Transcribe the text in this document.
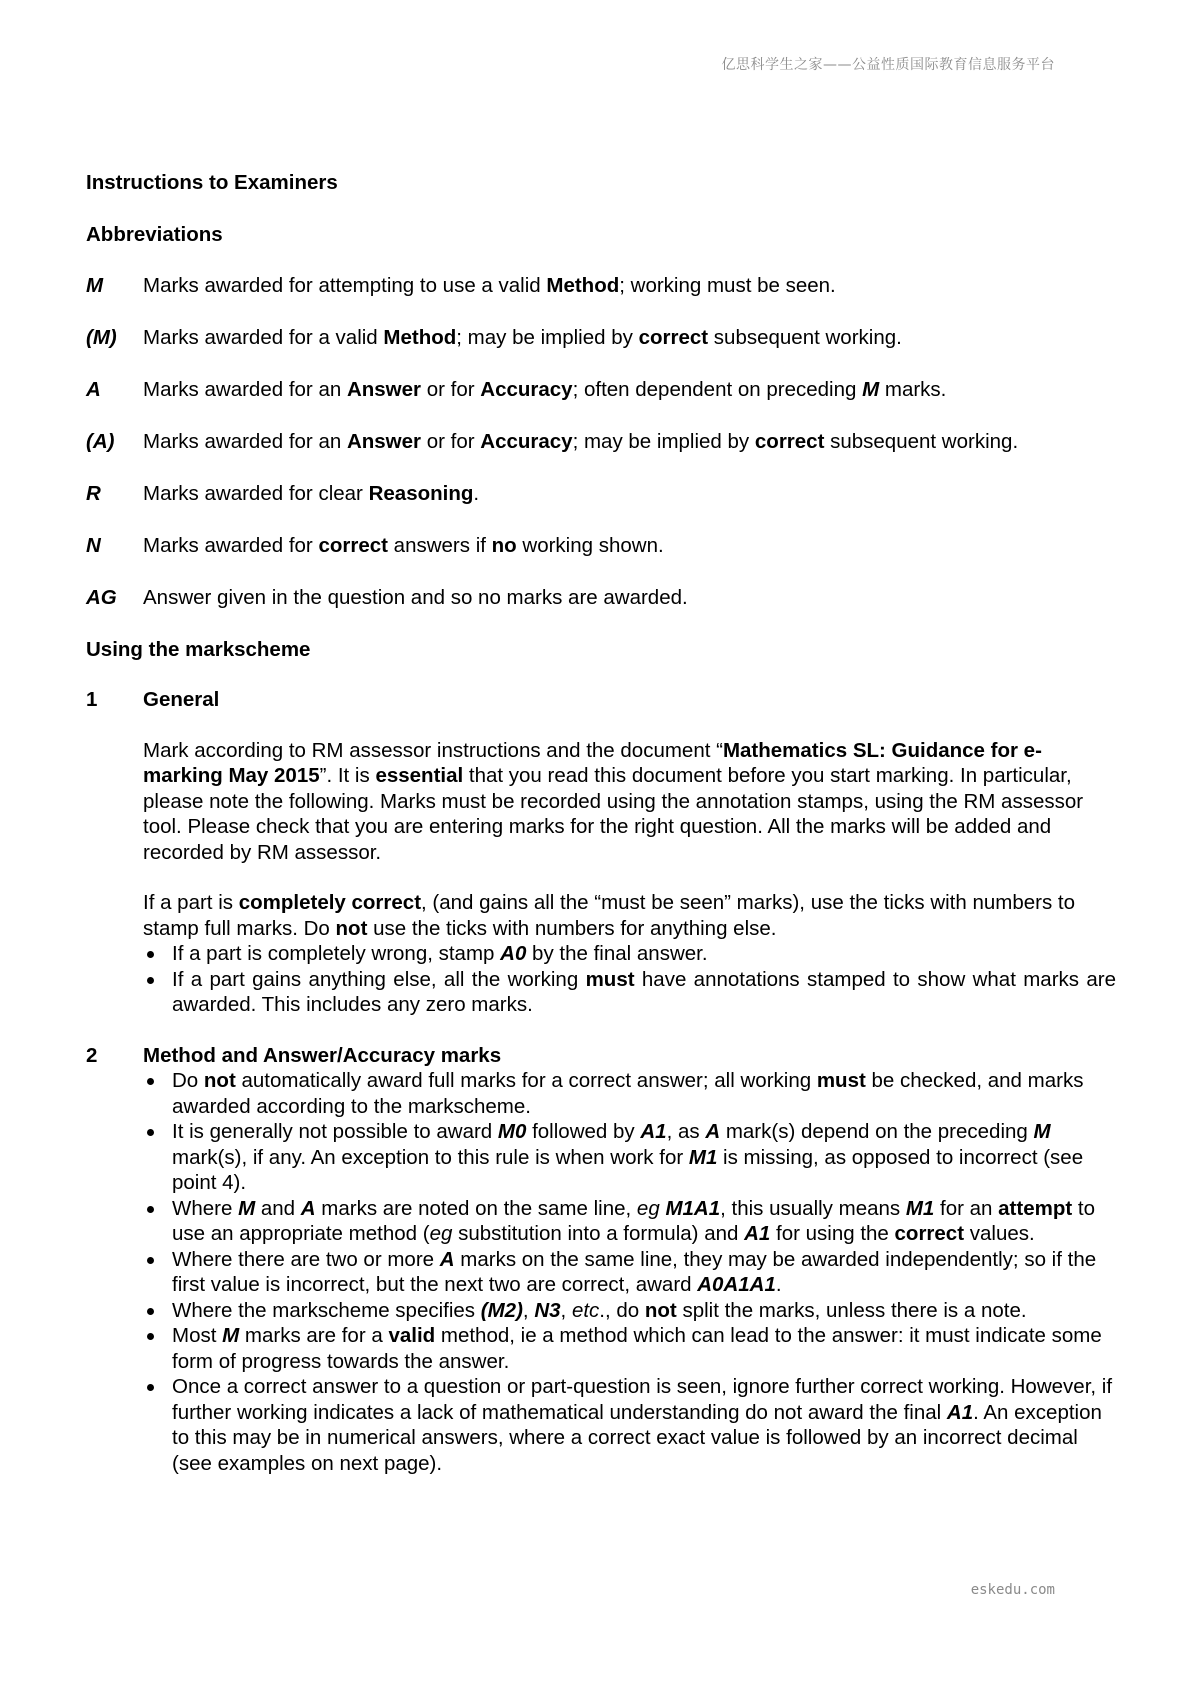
亿思科学生之家——公益性质国际教育信息服务平台

Instructions to Examiners

Abbreviations

M	Marks awarded for attempting to use a valid Method; working must be seen.
(M)	Marks awarded for a valid Method; may be implied by correct subsequent working.
A	Marks awarded for an Answer or for Accuracy; often dependent on preceding M marks.
(A)	Marks awarded for an Answer or for Accuracy; may be implied by correct subsequent working.
R	Marks awarded for clear Reasoning.
N	Marks awarded for correct answers if no working shown.
AG	Answer given in the question and so no marks are awarded.

Using the markscheme

1	General

Mark according to RM assessor instructions and the document “Mathematics SL: Guidance for e-marking May 2015”. It is essential that you read this document before you start marking. In particular, please note the following. Marks must be recorded using the annotation stamps, using the RM assessor tool. Please check that you are entering marks for the right question. All the marks will be added and recorded by RM assessor.

If a part is completely correct, (and gains all the “must be seen” marks), use the ticks with numbers to stamp full marks. Do not use the ticks with numbers for anything else.

If a part is completely wrong, stamp A0 by the final answer.
If a part gains anything else, all the working must have annotations stamped to show what marks are awarded. This includes any zero marks.
2	Method and Answer/Accuracy marks
Do not automatically award full marks for a correct answer; all working must be checked, and marks awarded according to the markscheme.
It is generally not possible to award M0 followed by A1, as A mark(s) depend on the preceding M mark(s), if any. An exception to this rule is when work for M1 is missing, as opposed to incorrect (see point 4).
Where M and A marks are noted on the same line, eg M1A1, this usually means M1 for an attempt to use an appropriate method (eg substitution into a formula) and A1 for using the correct values.
Where there are two or more A marks on the same line, they may be awarded independently; so if the first value is incorrect, but the next two are correct, award A0A1A1.
Where the markscheme specifies (M2), N3, etc., do not split the marks, unless there is a note.
Most M marks are for a valid method, ie a method which can lead to the answer: it must indicate some form of progress towards the answer.
Once a correct answer to a question or part-question is seen, ignore further correct working. However, if further working indicates a lack of mathematical understanding do not award the final A1. An exception to this may be in numerical answers, where a correct exact value is followed by an incorrect decimal (see examples on next page).
eskedu.com
